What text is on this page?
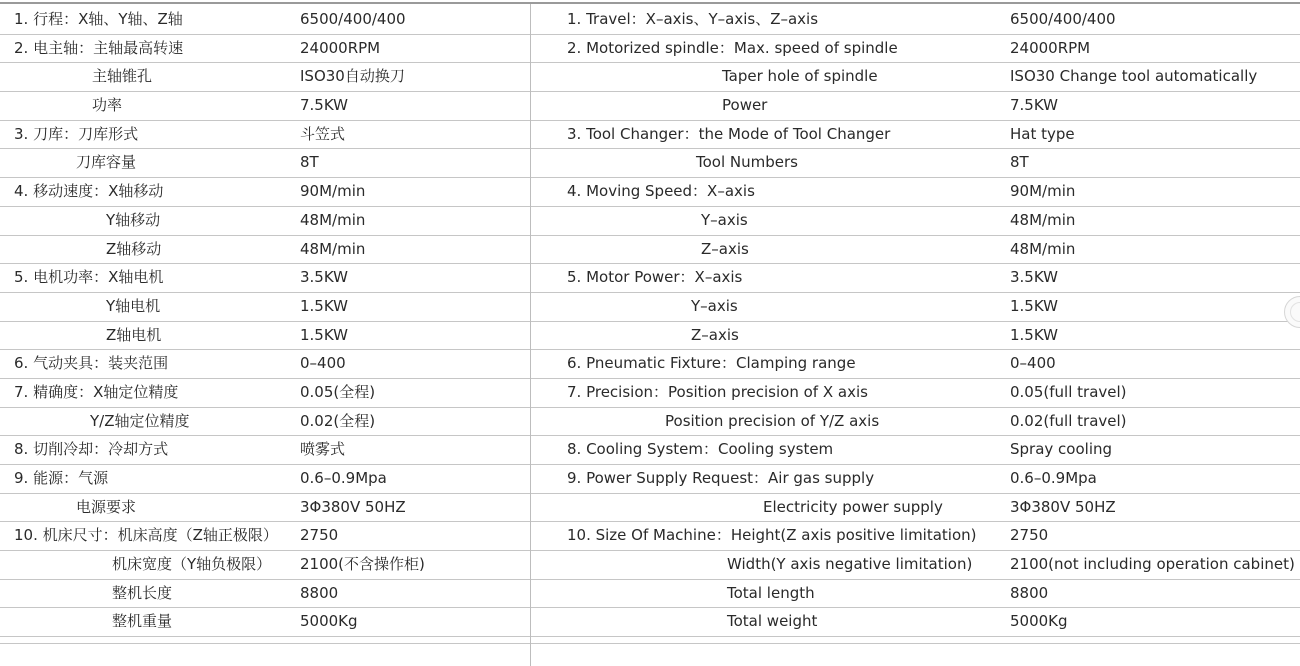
1. 行程：X轴、Y轴、Z轴	6500/400/400
2. 电主轴：主轴最高转速	24000RPM
主轴锥孔	ISO30自动换刀
功率	7.5KW
3. 刀库：刀库形式	斗笠式
刀库容量	8T
4. 移动速度：X轴移动	90M/min
Y轴移动	48M/min
Z轴移动	48M/min
5. 电机功率：X轴电机	3.5KW
Y轴电机	1.5KW
Z轴电机	1.5KW
6. 气动夹具：装夹范围	0–400
7. 精确度：X轴定位精度	0.05(全程)
Y/Z轴定位精度	0.02(全程)
8. 切削冷却：冷却方式	喷雾式
9. 能源：气源	0.6–0.9Mpa
电源要求	3Φ380V 50HZ
10. 机床尺寸：机床高度（Z轴正极限） 2750
机床宽度（Y轴负极限） 2100(不含操作柜)
整机长度	8800
整机重量	5000Kg
1. Travel：X–axis、Y–axis、Z–axis	6500/400/400
2. Motorized spindle：Max. speed of spindle	24000RPM
Taper hole of spindle	ISO30 Change tool automatically
Power	7.5KW
3. Tool Changer：the Mode of Tool Changer	Hat type
Tool Numbers	8T
4. Moving Speed：X–axis	90M/min
Y–axis	48M/min
Z–axis	48M/min
5. Motor Power：X–axis	3.5KW
Y–axis	1.5KW
Z–axis	1.5KW
6. Pneumatic Fixture：Clamping range	0–400
7. Precision：Position precision of X axis	0.05(full travel)
Position precision of Y/Z axis	0.02(full travel)
8. Cooling System：Cooling system	Spray cooling
9. Power Supply Request：Air gas supply	0.6–0.9Mpa
Electricity power supply	3Φ380V 50HZ
10. Size Of Machine：Height(Z axis positive limitation) 2750
Width(Y axis negative limitation)	2100(not including operation cabinet)
Total length	8800
Total weight	5000Kg
